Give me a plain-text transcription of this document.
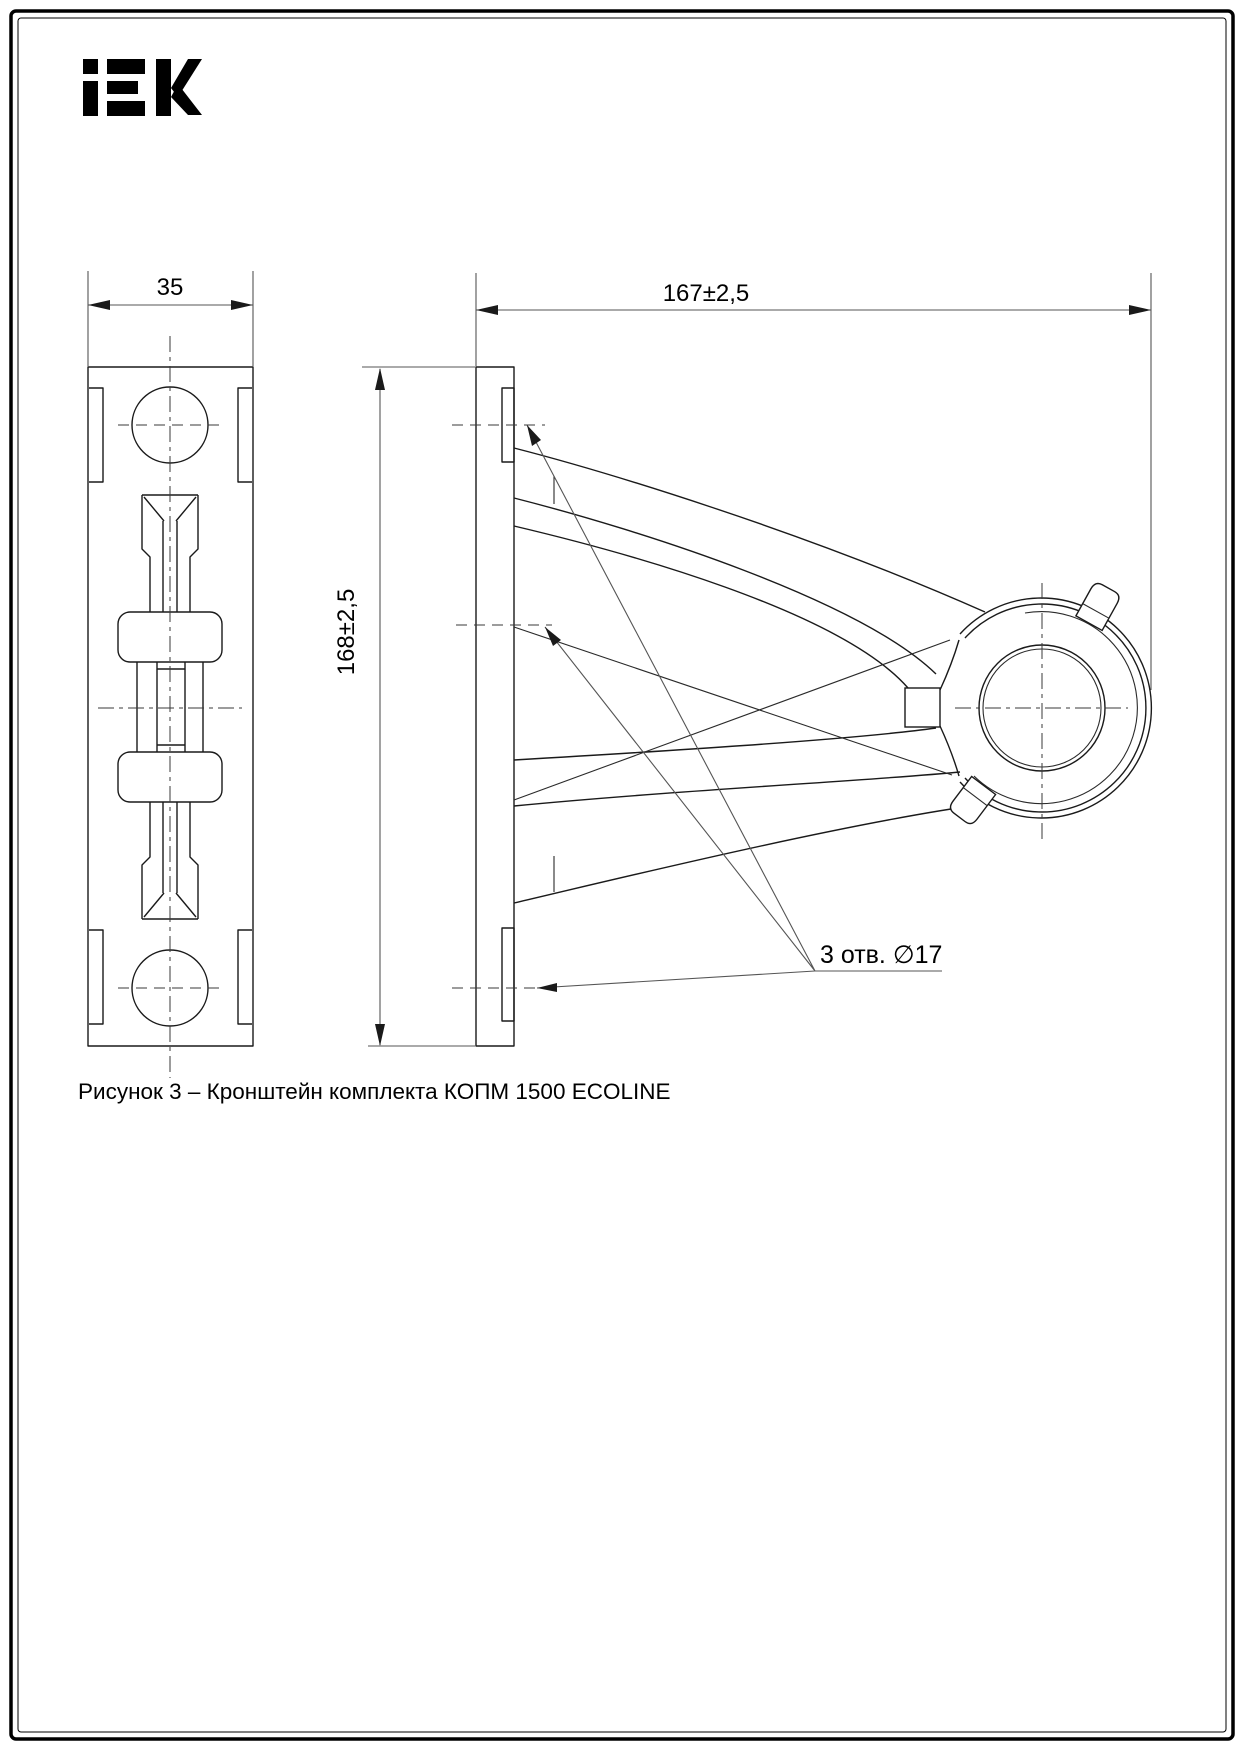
35	167±2,5
168±2,5
3 отв. ∅17
Рисунок 3 – Кронштейн комплекта КОПМ 1500 ECOLINE
